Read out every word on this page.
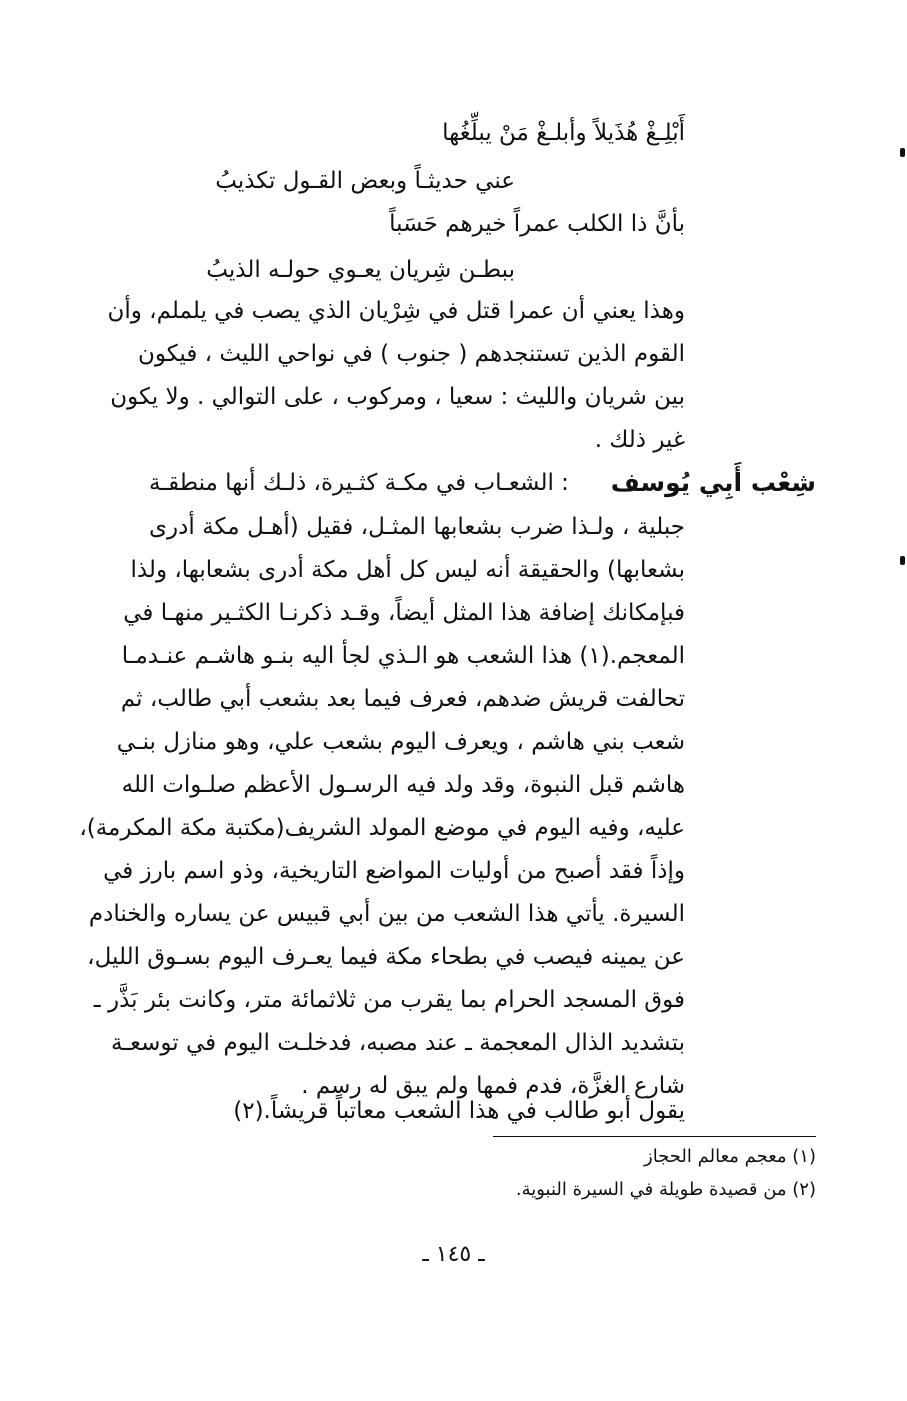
أَبْلِـغْ هُذَيلاً وأبلـغْ مَنْ يبلِّغُها
عني حديثـاً وبعض القـول تكذيبُ
بأنَّ ذا الكلب عمراً خيرهم حَسَباً
ببطـن شِريان يعـوي حولـه الذيبُ
وهذا يعني أن عمرا قتل في شِرْيان الذي يصب في يلملم، وأن
القوم الذين تستنجدهم ( جنوب ) في نواحي الليث ، فيكون
بين شريان والليث : سعيا ، ومركوب ، على التوالي . ولا يكون
غير ذلك .
شِعْب أَبِي يُوسف
: الشعـاب في مكـة كثـيرة، ذلـك أنها منطقـة
جبلية ، ولـذا ضرب بشعابها المثـل، فقيل (أهـل مكة أدرى
بشعابها) والحقيقة أنه ليس كل أهل مكة أدرى بشعابها، ولذا
فبإمكانك إضافة هذا المثل أيضاً، وقـد ذكرنـا الكثـير منهـا في
المعجم.(١) هذا الشعب هو الـذي لجأ اليه بنـو هاشـم عنـدمـا
تحالفت قريش ضدهم، فعرف فيما بعد بشعب أبي طالب، ثم
شعب بني هاشم ، ويعرف اليوم بشعب علي، وهو منازل بنـي
هاشم قبل النبوة، وقد ولد فيه الرسـول الأعظم صلـوات الله
عليه، وفيه اليوم في موضع المولد الشريف(مكتبة مكة المكرمة)،
وإذاً فقد أصبح من أوليات المواضع التاريخية، وذو اسم بارز في
السيرة. يأتي هذا الشعب من بين أبي قبيس عن يساره والخنادم
عن يمينه فيصب في بطحاء مكة فيما يعـرف اليوم بسـوق الليل،
فوق المسجد الحرام بما يقرب من ثلاثمائة متر، وكانت بئر بَذَّر ـ
بتشديد الذال المعجمة ـ عند مصبه، فدخلـت اليوم في توسعـة
شارع الغزَّة، فدم فمها ولم يبق له رسم .
يقول أبو طالب في هذا الشعب معاتباً قريشاً.(٢)
(١) معجم معالم الحجاز
(٢) من قصيدة طويلة في السيرة النبوية.
ـ ١٤٥ ـ
